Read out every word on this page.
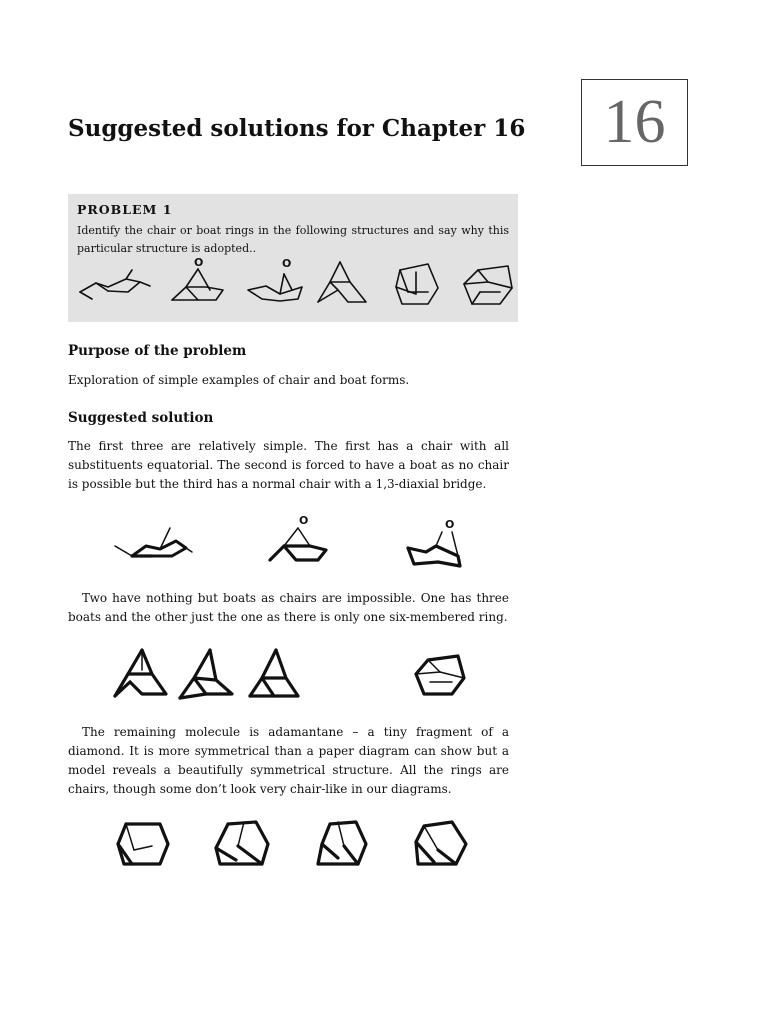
16
Suggested solutions for Chapter 16

PROBLEM 1

Identify the chair or boat rings in the following structures and say why this particular structure is adopted..

O	O
Purpose of the problem

Exploration of simple examples of chair and boat forms.

Suggested solution

The first three are relatively simple. The first has a chair with all substituents equatorial. The second is forced to have a boat as no chair is possible but the third has a normal chair with a 1,3-diaxial bridge.

O	O

Two have nothing but boats as chairs are impossible. One has three boats and the other just the one as there is only one six-membered ring.

The remaining molecule is adamantane – a tiny fragment of a diamond. It is more symmetrical than a paper diagram can show but a model reveals a beautifully symmetrical structure. All the rings are chairs, though some don’t look very chair-like in our diagrams.
